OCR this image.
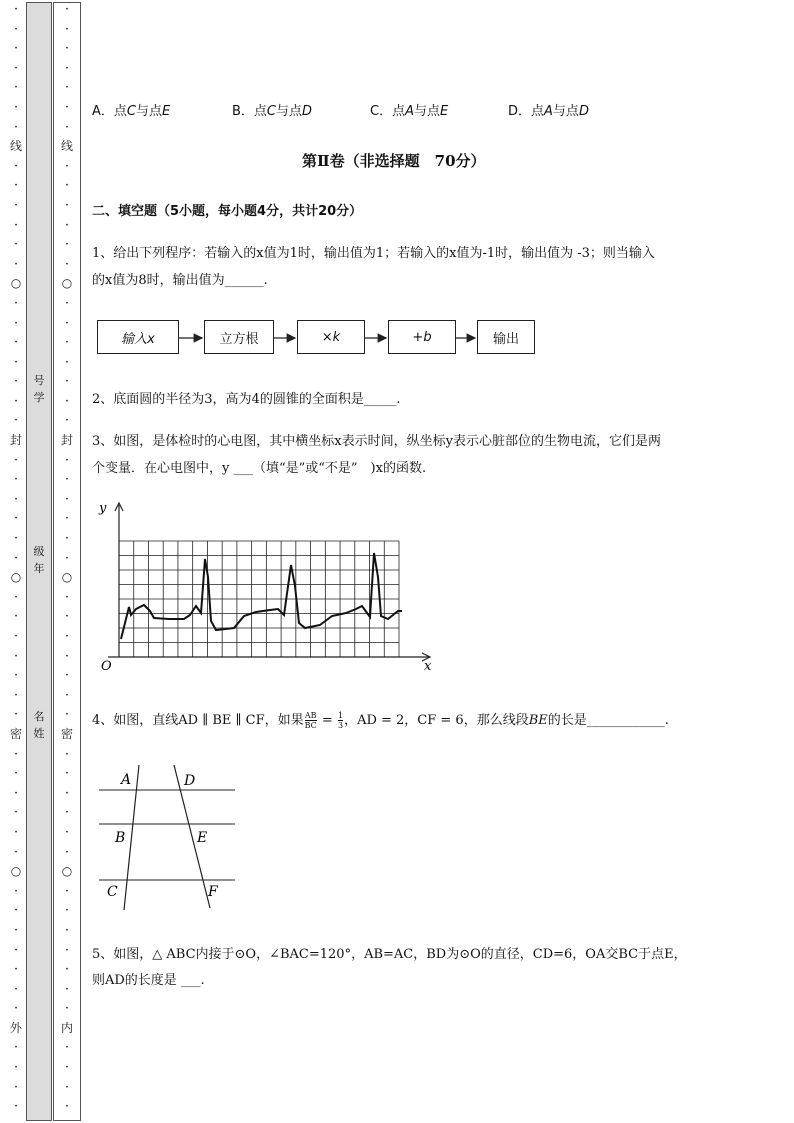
•
•
•
•
•
•
•
线
•
•
•
•
•
•
○
•
•
•
•
•
•
•
封
•
•
•
•
•
•
○
•
•
•
•
•
•
•
密
•
•
•
•
•
•
○
•
•
•
•
•
•
•
外
•
•
•
•
•
•
•
•
•
•
•
线
•
•
•
•
•
•
○
•
•
•
•
•
•
•
封
•
•
•
•
•
•
○
•
•
•
•
•
•
•
密
•
•
•
•
•
•
○
•
•
•
•
•
•
•
内
•
•
•
•
号学
级年
名姓
A．点C与点E	B．点C与点D	C．点A与点E	D．点A与点D
第Ⅱ卷（非选择题　70分）
二、填空题（5小题，每小题4分，共计20分）
1、给出下列程序：若输入的x值为1时，输出值为1；若输入的x值为-1时，输出值为 -3；则当输入
的x值为8时，输出值为______.
输入x	立方根	×k	+b	输出
2、底面圆的半径为3，高为4的圆锥的全面积是_____.
3、如图，是体检时的心电图，其中横坐标x表示时间，纵坐标y表示心脏部位的生物电流，它们是两
个变量．在心电图中，y ___（填“是”或“不是”　)x的函数.
y
x
O
4、如图，直线AD ∥ BE ∥ CF，如果 $\frac{AB}{BC} = \frac{1}{3}$ ，AD = 2，CF = 6，那么线段BE的长是____________.
A	D
B	E
C	F
5、如图，△ ABC内接于⊙O，∠BAC=120°，AB=AC，BD为⊙O的直径，CD=6，OA交BC于点E，
则AD的长度是 ___.
